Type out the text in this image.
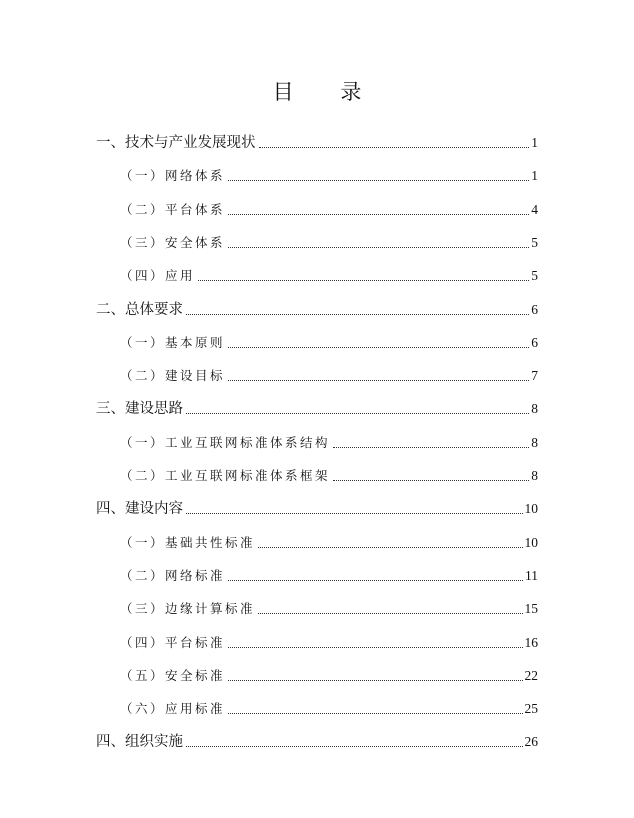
目 录
一、技术与产业发展现状	1
（一）网络体系	1
（二）平台体系	4
（三）安全体系	5
（四）应用	5
二、总体要求	6
（一）基本原则	6
（二）建设目标	7
三、建设思路	8
（一）工业互联网标准体系结构	8
（二）工业互联网标准体系框架	8
四、建设内容	10
（一）基础共性标准	10
（二）网络标准	11
（三）边缘计算标准	15
（四）平台标准	16
（五）安全标准	22
（六）应用标准	25
四、组织实施	26
